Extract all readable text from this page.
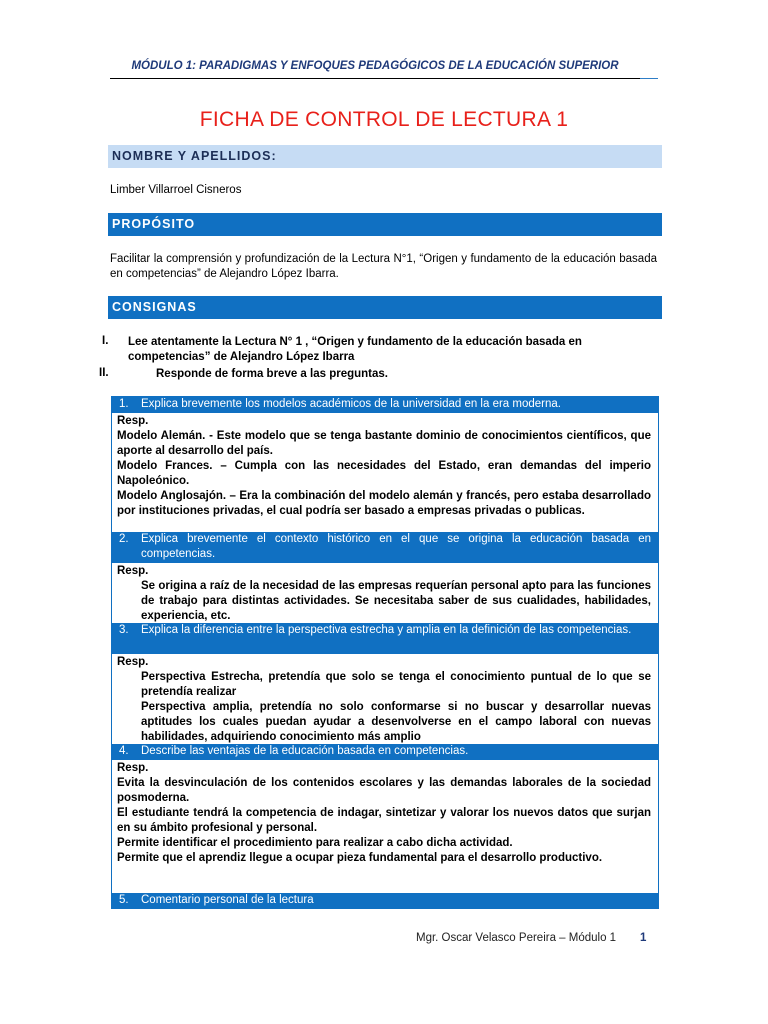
MÓDULO 1: PARADIGMAS Y ENFOQUES PEDAGÓGICOS DE LA EDUCACIÓN SUPERIOR
FICHA DE CONTROL DE LECTURA 1
NOMBRE Y APELLIDOS:
Limber Villarroel Cisneros
PROPÓSITO
Facilitar la comprensión y profundización de la Lectura N°1, “Origen y fundamento de la educación basada en competencias” de Alejandro López Ibarra.
CONSIGNAS
I. Lee atentamente la Lectura N° 1 , “Origen y fundamento de la educación basada en competencias” de Alejandro López Ibarra
II.	Responde de forma breve a las preguntas.
1. Explica brevemente los modelos académicos de la universidad en la era moderna.

Resp.

Modelo Alemán. - Este modelo que se tenga bastante dominio de conocimientos científicos, que aporte al desarrollo del país.

Modelo Frances. – Cumpla con las necesidades del Estado, eran demandas del imperio Napoleónico.

Modelo Anglosajón. – Era la combinación del modelo alemán y francés, pero estaba desarrollado por instituciones privadas, el cual podría ser basado a empresas privadas o publicas.

2. Explica brevemente el contexto histórico en el que se origina la educación basada en competencias.

Resp.

Se origina a raíz de la necesidad de las empresas requerían personal apto para las funciones de trabajo para distintas actividades. Se necesitaba saber de sus cualidades, habilidades, experiencia, etc.

3. Explica la diferencia entre la perspectiva estrecha y amplia en la definición de las competencias.

Resp.

Perspectiva Estrecha, pretendía que solo se tenga el conocimiento puntual de lo que se pretendía realizar

Perspectiva amplia, pretendía no solo conformarse si no buscar y desarrollar nuevas aptitudes los cuales puedan ayudar a desenvolverse en el campo laboral con nuevas habilidades, adquiriendo conocimiento más amplio

4. Describe las ventajas de la educación basada en competencias.

Resp.

Evita la desvinculación de los contenidos escolares y las demandas laborales de la sociedad posmoderna.

El estudiante tendrá la competencia de indagar, sintetizar y valorar los nuevos datos que surjan en su ámbito profesional y personal.

Permite identificar el procedimiento para realizar a cabo dicha actividad.

Permite que el aprendiz llegue a ocupar pieza fundamental para el desarrollo productivo.

5. Comentario personal de la lectura
Mgr. Oscar Velasco Pereira – Módulo 1 1
